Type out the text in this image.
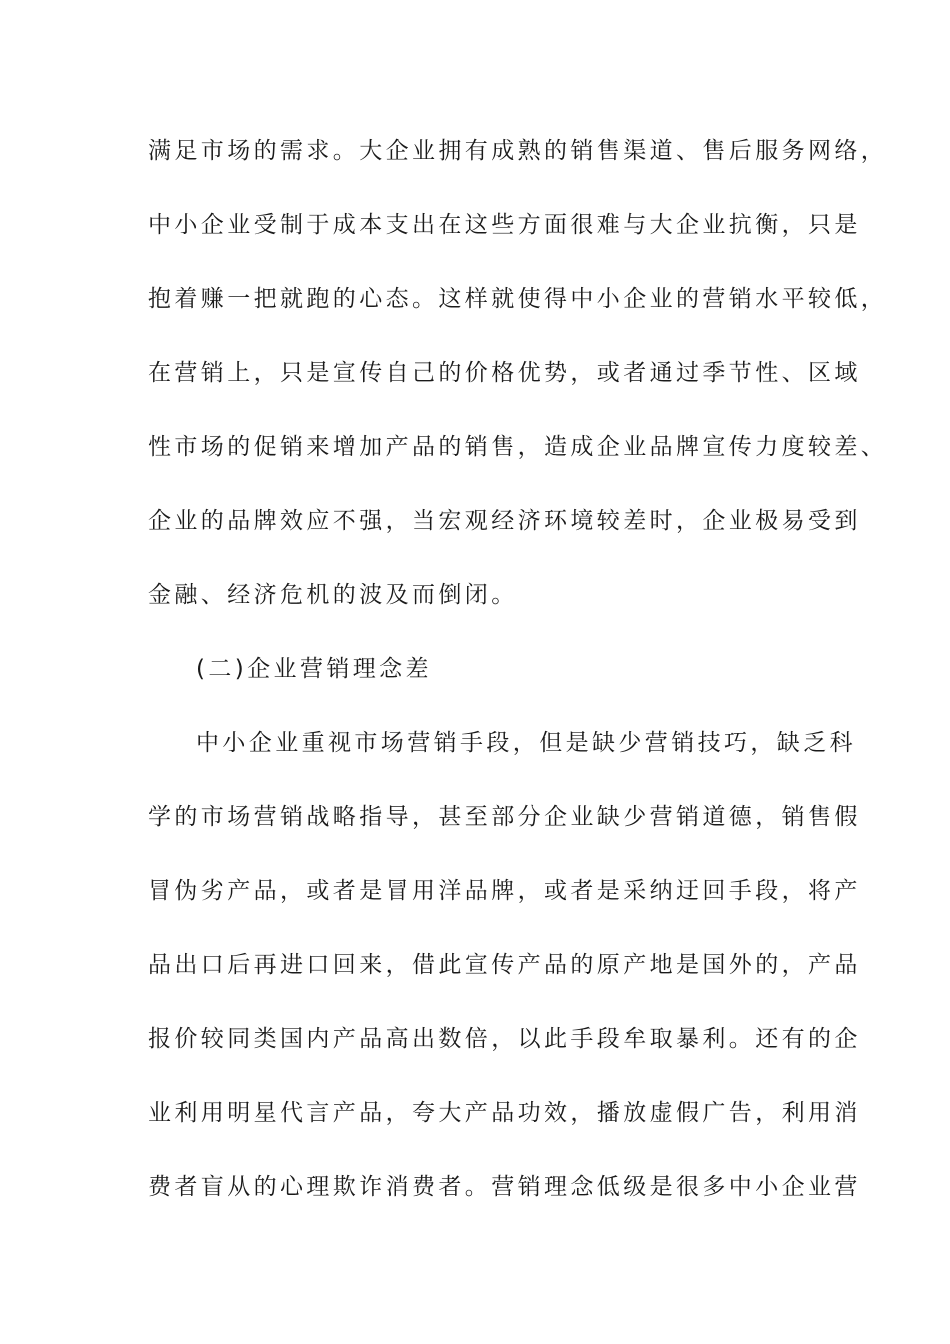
满足市场的需求。大企业拥有成熟的销售渠道、售后服务网络，
中小企业受制于成本支出在这些方面很难与大企业抗衡，只是
抱着赚一把就跑的心态。这样就使得中小企业的营销水平较低，
在营销上，只是宣传自己的价格优势，或者通过季节性、区域
性市场的促销来增加产品的销售，造成企业品牌宣传力度较差、
企业的品牌效应不强，当宏观经济环境较差时，企业极易受到
金融、经济危机的波及而倒闭。
(二)企业营销理念差
中小企业重视市场营销手段，但是缺少营销技巧，缺乏科
学的市场营销战略指导，甚至部分企业缺少营销道德，销售假
冒伪劣产品，或者是冒用洋品牌，或者是采纳迂回手段，将产
品出口后再进口回来，借此宣传产品的原产地是国外的，产品
报价较同类国内产品高出数倍，以此手段牟取暴利。还有的企
业利用明星代言产品，夸大产品功效，播放虚假广告，利用消
费者盲从的心理欺诈消费者。营销理念低级是很多中小企业营
